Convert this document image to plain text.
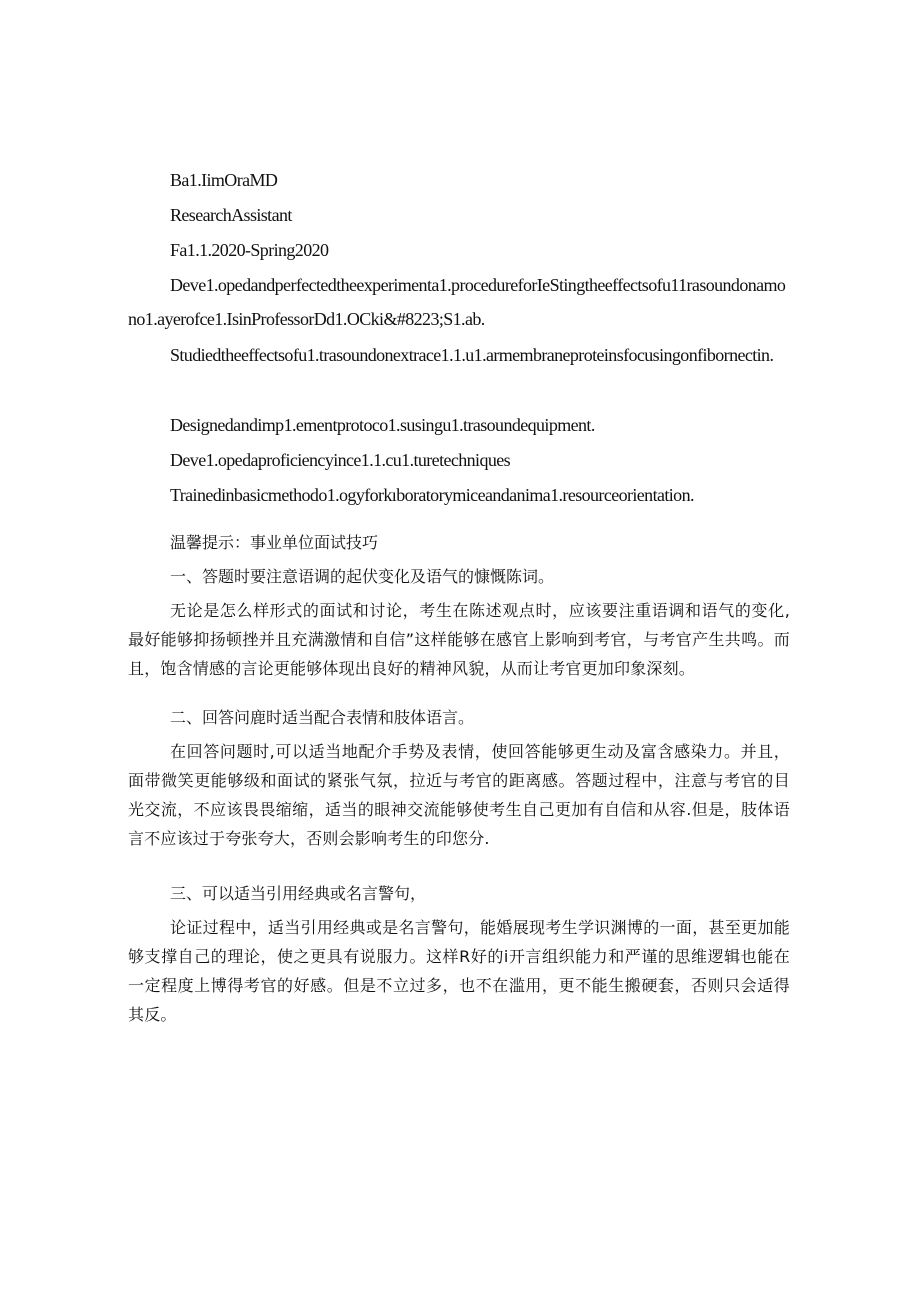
Ba1.IimOraMD

ResearchAssistant

Fa1.1.2020-Spring2020

Deve1.opedandperfectedtheexperimenta1.procedureforIeStingtheeffectsofu11rasoundonamono1.ayerofce1.IsinProfessorDd1.OCki&#8223;S1.ab.

Studiedtheeffectsofu1.trasoundonextrace1.1.u1.armembraneproteinsfocusingonfibornectin.

Designedandimp1.ementprotoco1.susingu1.trasoundequipment.

Deve1.opedaproficiencyince1.1.cu1.turetechniques

Trainedinbasicmethodo1.ogyforkıboratorymiceandanima1.resourceorientation.

温馨提示：事业单位面试技巧

一、答题时要注意语调的起伏变化及语气的慷慨陈词。

无论是怎么样形式的面试和讨论，考生在陈述观点时，应该要注重语调和语气的变化,最好能够抑扬顿挫并且充满激情和自信”这样能够在感官上影响到考官，与考官产生共鸣。而且，饱含情感的言论更能够体现出良好的精神风貌，从而让考官更加印象深刻。

二、回答问鹿时适当配合表情和肢体语言。

在回答问题时,可以适当地配介手势及表情，使回答能够更生动及富含感染力。并且，面带微笑更能够级和面试的紧张气氛，拉近与考官的距离感。答题过程中，注意与考官的目光交流，不应该畏畏缩缩，适当的眼神交流能够使考生自己更加有自信和从容.但是，肢体语言不应该过于夸张夸大，否则会影响考生的印您分.

三、可以适当引用经典或名言警句，

论证过程中，适当引用经典或是名言警句，能婚展现考生学识渊博的一面，甚至更加能够支撑自己的理论，使之更具有说服力。这样R好的i开言组织能力和严谨的思维逻辑也能在一定程度上博得考官的好感。但是不立过多，也不在滥用，更不能生搬硬套，否则只会适得其反。
